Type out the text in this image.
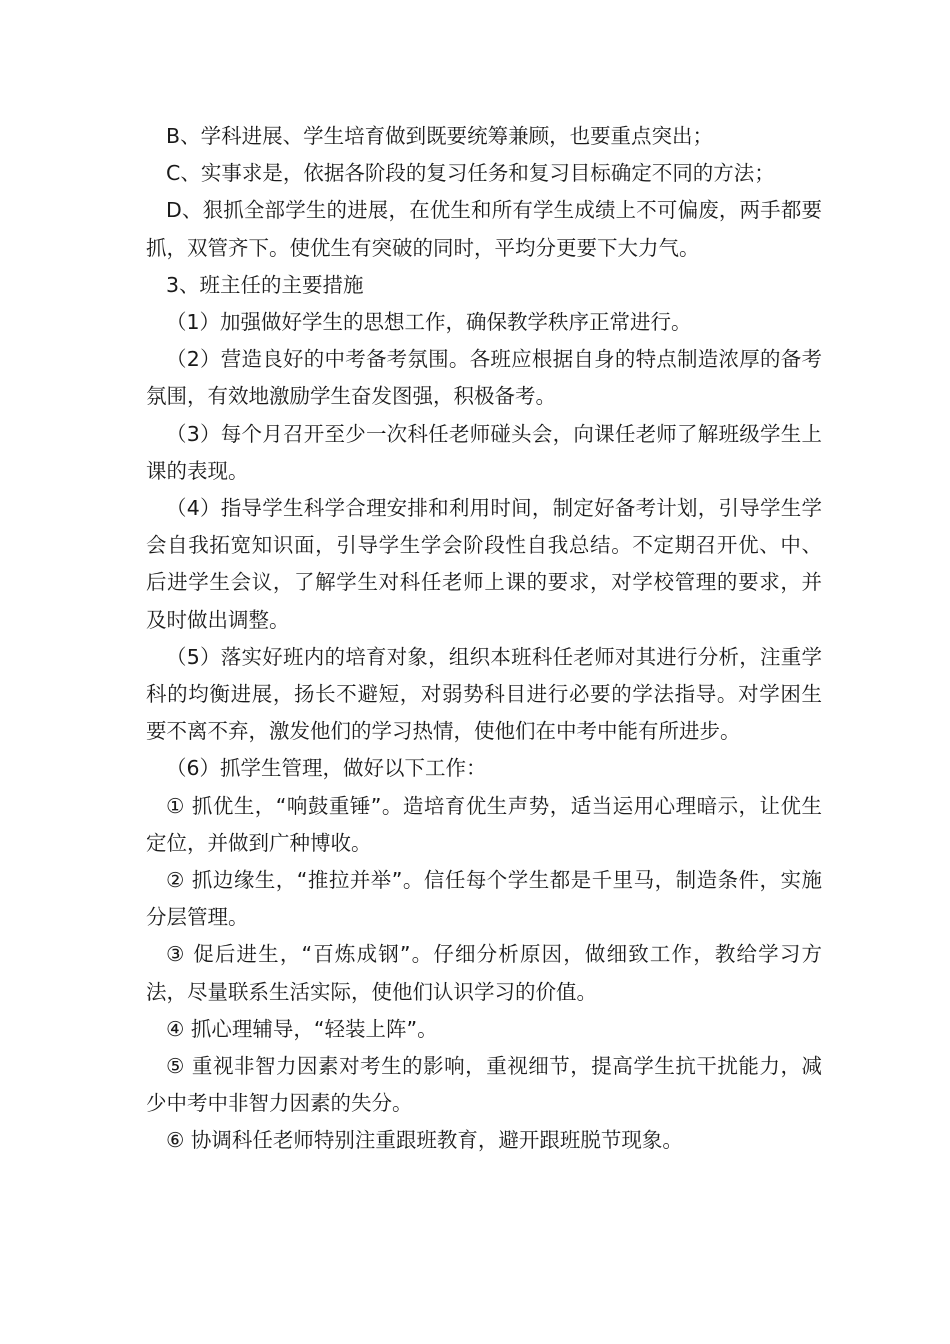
B、学科进展、学生培育做到既要统筹兼顾，也要重点突出；

C、实事求是，依据各阶段的复习任务和复习目标确定不同的方法；

D、狠抓全部学生的进展，在优生和所有学生成绩上不可偏废，两手都要抓，双管齐下。使优生有突破的同时，平均分更要下大力气。

3、班主任的主要措施

（1）加强做好学生的思想工作，确保教学秩序正常进行。

（2）营造良好的中考备考氛围。各班应根据自身的特点制造浓厚的备考氛围，有效地激励学生奋发图强，积极备考。

（3）每个月召开至少一次科任老师碰头会，向课任老师了解班级学生上课的表现。

（4）指导学生科学合理安排和利用时间，制定好备考计划，引导学生学会自我拓宽知识面，引导学生学会阶段性自我总结。不定期召开优、中、后进学生会议，了解学生对科任老师上课的要求，对学校管理的要求，并及时做出调整。

（5）落实好班内的培育对象，组织本班科任老师对其进行分析，注重学科的均衡进展，扬长不避短，对弱势科目进行必要的学法指导。对学困生要不离不弃，激发他们的学习热情，使他们在中考中能有所进步。

（6）抓学生管理，做好以下工作：

① 抓优生，“响鼓重锤”。造培育优生声势，适当运用心理暗示，让优生定位，并做到广种博收。

② 抓边缘生，“推拉并举”。信任每个学生都是千里马，制造条件，实施分层管理。

③ 促后进生，“百炼成钢”。仔细分析原因，做细致工作，教给学习方法，尽量联系生活实际，使他们认识学习的价值。

④ 抓心理辅导，“轻装上阵”。

⑤ 重视非智力因素对考生的影响，重视细节，提高学生抗干扰能力，减少中考中非智力因素的失分。

⑥ 协调科任老师特别注重跟班教育，避开跟班脱节现象。
